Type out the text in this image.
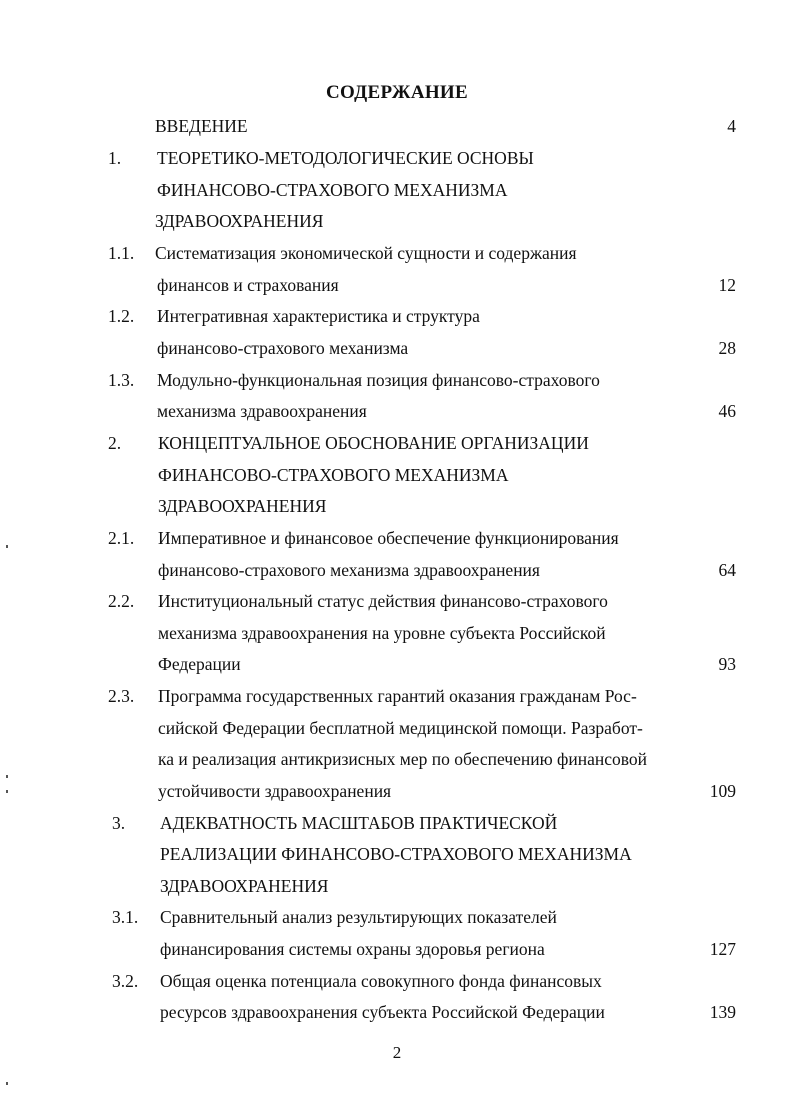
СОДЕРЖАНИЕ
ВВЕДЕНИЕ	4
1. ТЕОРЕТИКО-МЕТОДОЛОГИЧЕСКИЕ ОСНОВЫ
ФИНАНСОВО-СТРАХОВОГО МЕХАНИЗМА
ЗДРАВООХРАНЕНИЯ
1.1. Систематизация экономической сущности и содержания
финансов и страхования	12
1.2. Интегративная характеристика и структура
финансово-страхового механизма	28
1.3. Модульно-функциональная позиция финансово-страхового
механизма здравоохранения	46
2. КОНЦЕПТУАЛЬНОЕ ОБОСНОВАНИЕ ОРГАНИЗАЦИИ
ФИНАНСОВО-СТРАХОВОГО МЕХАНИЗМА
ЗДРАВООХРАНЕНИЯ
2.1. Императивное и финансовое обеспечение функционирования
финансово-страхового механизма здравоохранения	64
2.2. Институциональный статус действия финансово-страхового
механизма здравоохранения на уровне субъекта Российской
Федерации	93
2.3. Программа государственных гарантий оказания гражданам Рос-
сийской Федерации бесплатной медицинской помощи. Разработ-
ка и реализация антикризисных мер по обеспечению финансовой
устойчивости здравоохранения	109
3. АДЕКВАТНОСТЬ МАСШТАБОВ ПРАКТИЧЕСКОЙ
РЕАЛИЗАЦИИ ФИНАНСОВО-СТРАХОВОГО МЕХАНИЗМА
ЗДРАВООХРАНЕНИЯ
3.1. Сравнительный анализ результирующих показателей
финансирования системы охраны здоровья региона	127
3.2. Общая оценка потенциала совокупного фонда финансовых
ресурсов здравоохранения субъекта Российской Федерации	139
2
